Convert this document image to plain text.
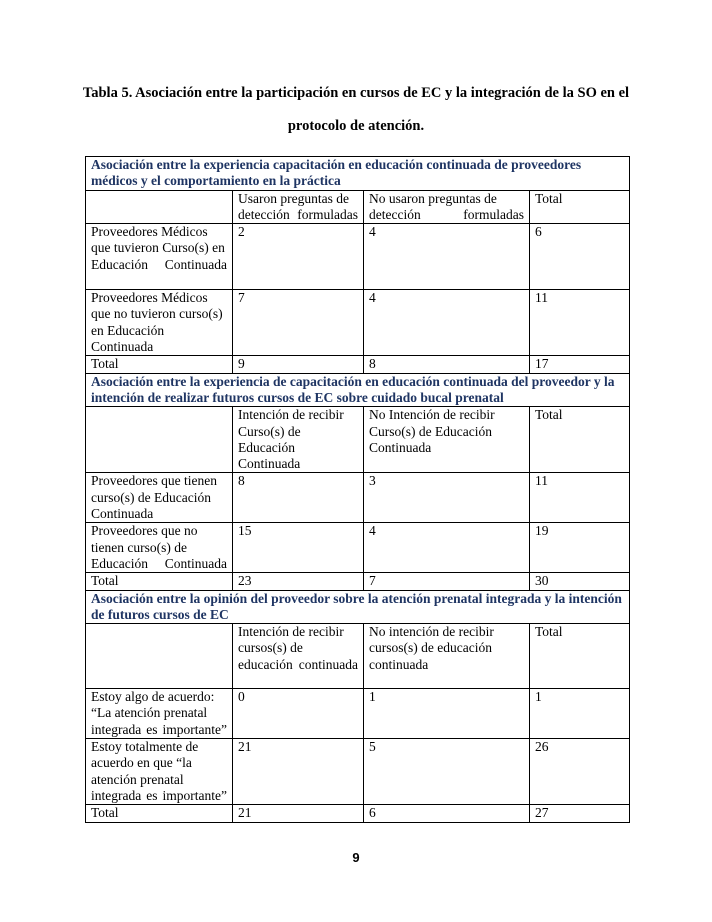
Tabla 5. Asociación entre la participación en cursos de EC y la integración de la SO en el
protocolo de atención.
Asociación entre la experiencia capacitación en educación continuada de proveedores médicos y el comportamiento en la práctica			
	Usaron preguntas de detección formuladas	No usaron preguntas de detección formuladas	Total
Proveedores Médicos que tuvieron Curso(s) en Educación Continuada	2	4	6
Proveedores Médicos que no tuvieron curso(s) en Educación Continuada	7	4	11
Total	9	8	17
Asociación entre la experiencia de capacitación en educación continuada del proveedor y la intención de realizar futuros cursos de EC sobre cuidado bucal prenatal			
	Intención de recibir Curso(s) de Educación Continuada	No Intención de recibir Curso(s) de Educación Continuada	Total
Proveedores que tienen curso(s) de Educación Continuada	8	3	11
Proveedores que no tienen curso(s) de Educación Continuada	15	4	19
Total	23	7	30
Asociación entre la opinión del proveedor sobre la atención prenatal integrada y la intención de futuros cursos de EC			
	Intención de recibir cursos(s) de educación continuada	No intención de recibir cursos(s) de educación continuada	Total
Estoy algo de acuerdo: “La atención prenatal integrada es importante”	0	1	1
Estoy totalmente de acuerdo en que “la atención prenatal integrada es importante”	21	5	26
Total	21	6	27
9
